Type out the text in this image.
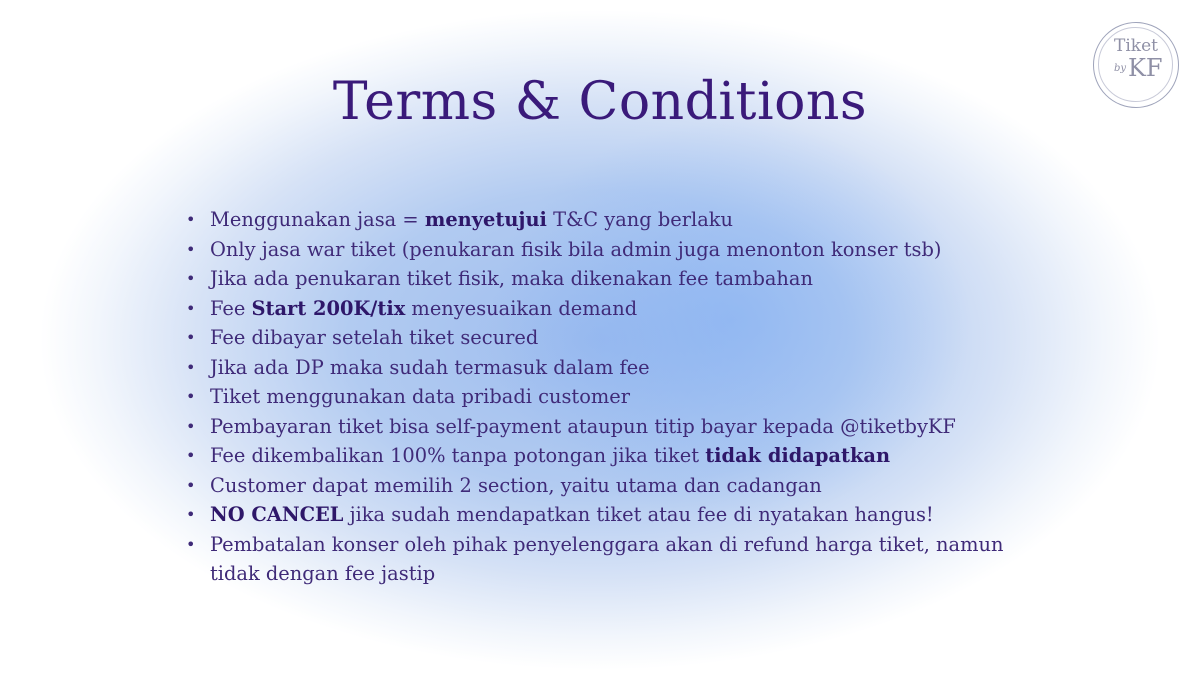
Tiket
by KF
Terms & Conditions
• Menggunakan jasa = menyetujui T&C yang berlaku
• Only jasa war tiket (penukaran fisik bila admin juga menonton konser tsb)
• Jika ada penukaran tiket fisik, maka dikenakan fee tambahan
• Fee Start 200K/tix menyesuaikan demand
• Fee dibayar setelah tiket secured
• Jika ada DP maka sudah termasuk dalam fee
• Tiket menggunakan data pribadi customer
• Pembayaran tiket bisa self-payment ataupun titip bayar kepada @tiketbyKF
• Fee dikembalikan 100% tanpa potongan jika tiket tidak didapatkan
• Customer dapat memilih 2 section, yaitu utama dan cadangan
• NO CANCEL jika sudah mendapatkan tiket atau fee di nyatakan hangus!
• Pembatalan konser oleh pihak penyelenggara akan di refund harga tiket, namun tidak dengan fee jastip
